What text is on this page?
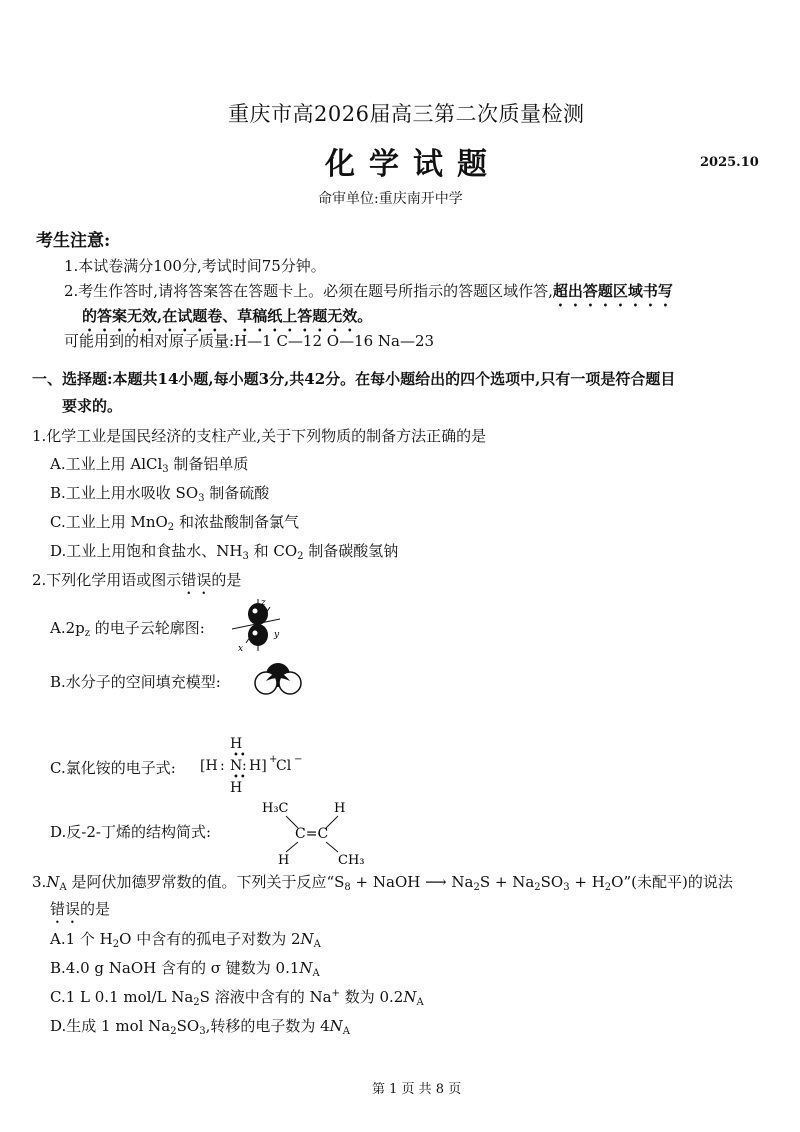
重庆市高2026届高三第二次质量检测
化学试题	2025.10
命审单位:重庆南开中学
考生注意:
1.本试卷满分100分,考试时间75分钟。
2.考生作答时,请将答案答在答题卡上。必须在题号所指示的答题区域作答,超出答题区域书写
的答案无效,在试题卷、草稿纸上答题无效。
可能用到的相对原子质量:H—1 C—12 O—16 Na—23
一、选择题:本题共14小题,每小题3分,共42分。在每小题给出的四个选项中,只有一项是符合题目
要求的。
1.化学工业是国民经济的支柱产业,关于下列物质的制备方法正确的是
A.工业上用 AlCl$_3$ 制备铝单质
B.工业上用水吸收 $SO_3$ 制备硫酸
C.工业上用 MnO$_2$ 和浓盐酸制备氯气
D.工业上用饱和食盐水、$NH_3$ 和 $CO_2$ 制备碳酸氢钠
2.下列化学用语或图示错误的是
$A.2p_z$ 的电子云轮廓图:
z
y
x
B.水分子的空间填充模型:
C.氯化铵的电子式:
H
••
[H : N : H] +
Cl −
••
H
D.反-2-丁烯的结构简式:
H₃C	H
C=C
H	CH₃
$3.N_A$ 是阿伏加德罗常数的值。下列关于反应“$S_8$ + NaOH ⟶ $Na_2S + Na_2SO_3$ + $H_2O$”(未配平)的说法
错误的是
A.1 个 $H_2O$ 中含有的孤电子对数为 $2N_A$
B.4.0 g NaOH 含有的 σ 键数为 $0.1N_A$
C.1 L 0.1 mol/L $Na_2S$ 溶液中含有的 Na+ 数为 $0.2N_A$
D.生成 1 mol $Na_2SO_3$,转移的电子数为 $4N_A$
第 1 页 共 8 页
